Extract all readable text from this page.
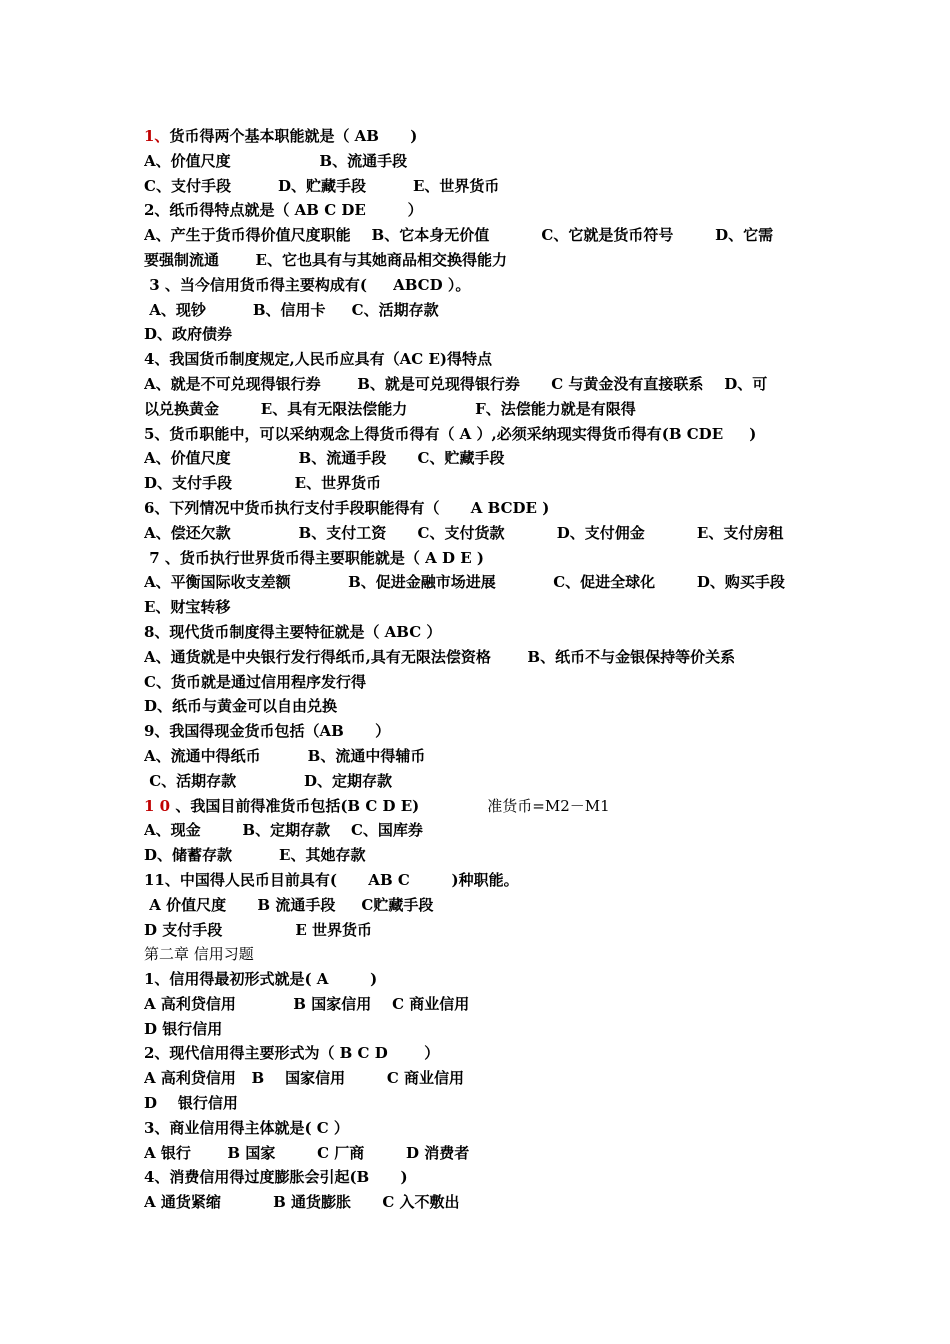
1、货币得两个基本职能就是（ AB      )
A、价值尺度                 B、流通手段
C、支付手段         D、贮藏手段         E、世界货币
2、纸币得特点就是（ AB C DE        ）
A、产生于货币得价值尺度职能    B、它本身无价值          C、它就是货币符号        D、它需
要强制流通       E、它也具有与其她商品相交换得能力
3 、当今信用货币得主要构成有(     ABCD ）。
A、现钞         B、信用卡     C、活期存款
D、政府债券
4、我国货币制度规定,人民币应具有（AC E)得特点
A、就是不可兑现得银行券       B、就是可兑现得银行券      C 与黄金没有直接联系    D、可
以兑换黄金        E、具有无限法偿能力             F、法偿能力就是有限得
5、货币职能中，可以采纳观念上得货币得有（ A ）,必须采纳现实得货币得有(B CDE     )
A、价值尺度             B、流通手段      C、贮藏手段
D、支付手段            E、世界货币
6、下列情况中货币执行支付手段职能得有（      A BCDE )
A、偿还欠款             B、支付工资      C、支付货款          D、支付佣金          E、支付房租
7 、货币执行世界货币得主要职能就是（ A D E )
A、平衡国际收支差额           B、促进金融市场进展           C、促进全球化        D、购买手段
E、财宝转移
8、现代货币制度得主要特征就是（ ABC ）
A、通货就是中央银行发行得纸币,具有无限法偿资格       B、纸币不与金银保持等价关系
C、货币就是通过信用程序发行得
D、纸币与黄金可以自由兑换
9、我国得现金货币包括（AB      ）
A、流通中得纸币         B、流通中得辅币
C、活期存款             D、定期存款
1 0 、我国目前得准货币包括(B C D E)	准货币=M2－M1
A、现金        B、定期存款    C、国库券
D、储蓄存款         E、其她存款
11、中国得人民币目前具有(      AB C        )种职能。
A 价值尺度      B 流通手段     C贮藏手段
D 支付手段              E 世界货币
第二章 信用习题
1、信用得最初形式就是( A        )
A 高利贷信用           B 国家信用    C 商业信用
D 银行信用
2、现代信用得主要形式为（ B C D       ）
A 高利贷信用   B    国家信用        C 商业信用
D    银行信用
3、商业信用得主体就是( C ）
A 银行       B 国家        C 厂商        D 消费者
4、消费信用得过度膨胀会引起(B      )
A 通货紧缩          B 通货膨胀      C 入不敷出
